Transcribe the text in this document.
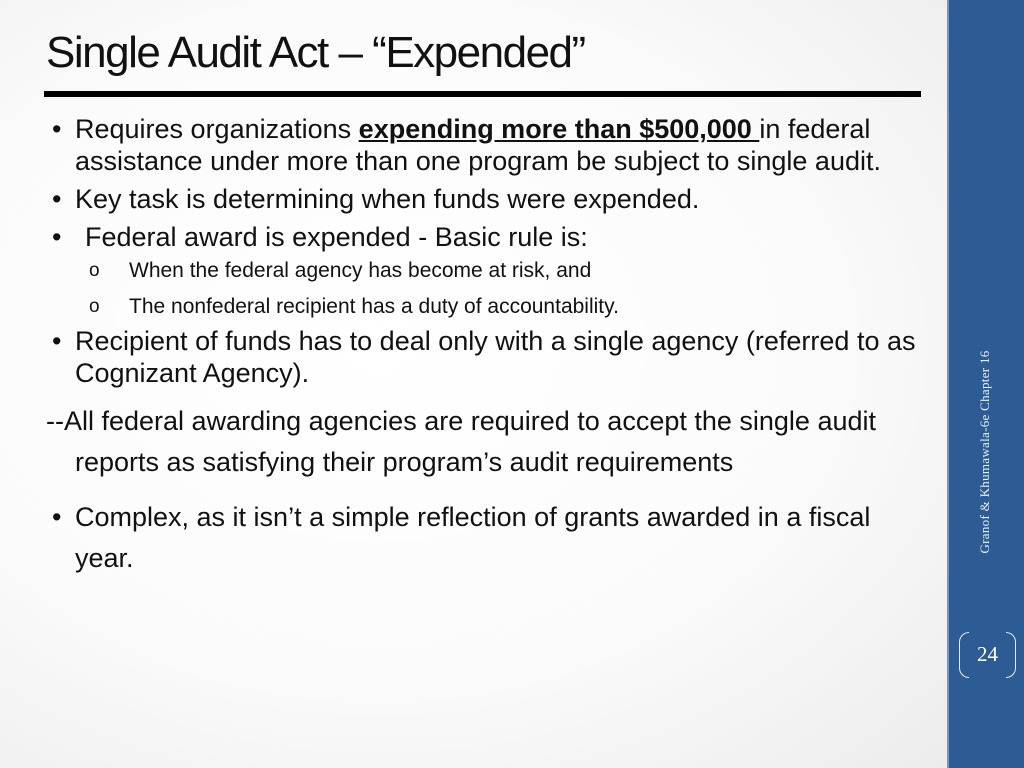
Single Audit Act – “Expended”
• Requires organizations expending more than $500,000 in federal assistance under more than one program be subject to single audit.
• Key task is determining when funds were expended.
• Federal award is expended - Basic rule is:
o When the federal agency has become at risk, and
o The nonfederal recipient has a duty of accountability.
• Recipient of funds has to deal only with a single agency (referred to as Cognizant Agency).

--All federal awarding agencies are required to accept the single audit reports as satisfying their program’s audit requirements

• Complex, as it isn’t a simple reflection of grants awarded in a fiscal year.
Granof & Khumawala-6e Chapter 16
24
